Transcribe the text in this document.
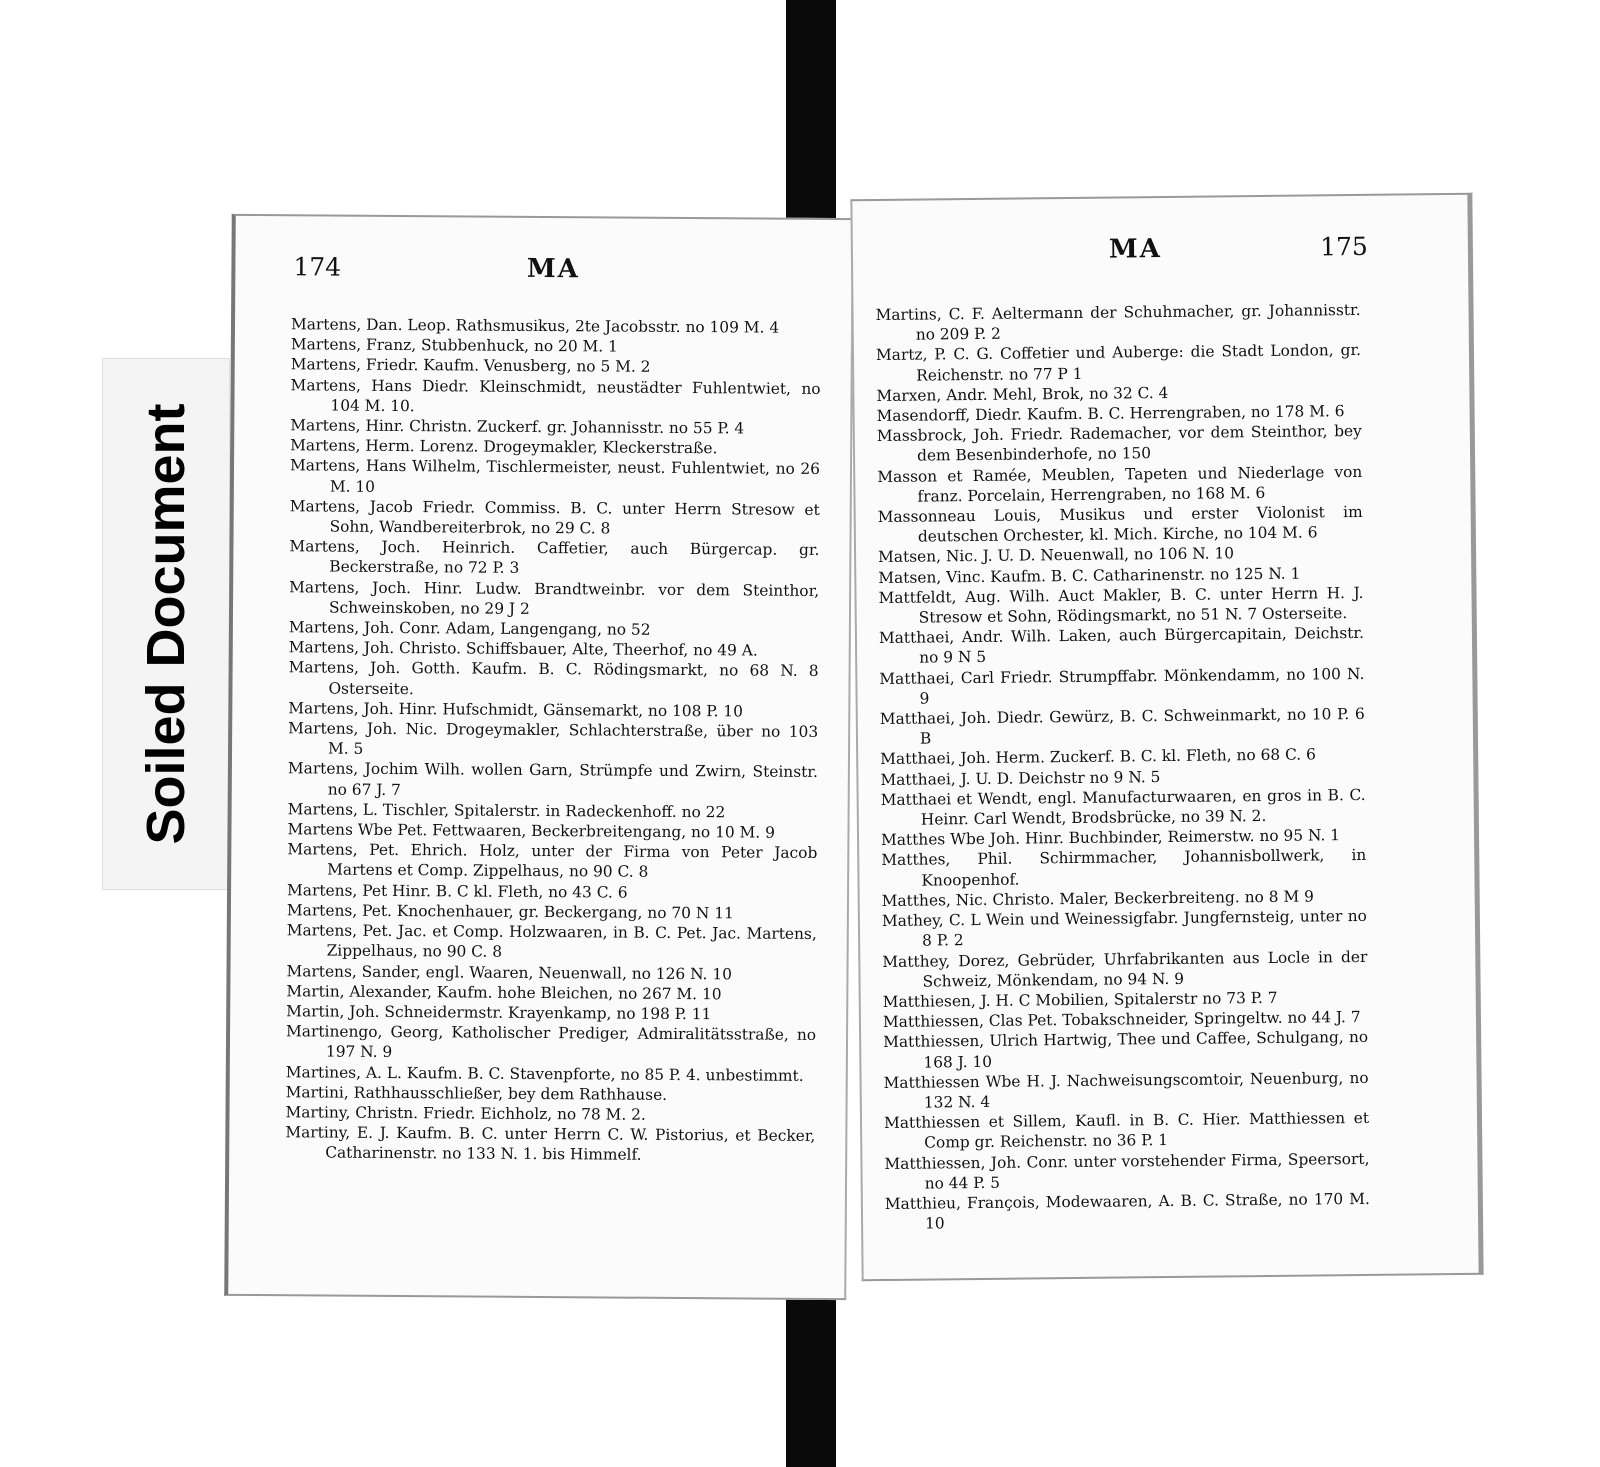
Soiled Document
174	MA
Martens, Dan. Leop. Rathsmusikus, 2te Jacobsstr. no 109 M. 4
Martens, Franz, Stubbenhuck, no 20 M. 1
Martens, Friedr. Kaufm. Venusberg, no 5 M. 2
Martens, Hans Diedr. Kleinschmidt, neustädter Fuhlentwiet, no 104 M. 10.
Martens, Hinr. Christn. Zuckerf. gr. Johannisstr. no 55 P. 4
Martens, Herm. Lorenz. Drogeymakler, Kleckerstraße.
Martens, Hans Wilhelm, Tischlermeister, neust. Fuhlentwiet, no 26 M. 10
Martens, Jacob Friedr. Commiss. B. C. unter Herrn Stresow et Sohn, Wandbereiterbrok, no 29 C. 8
Martens, Joch. Heinrich. Caffetier, auch Bürgercap. gr. Beckerstraße, no 72 P. 3
Martens, Joch. Hinr. Ludw. Brandtweinbr. vor dem Steinthor, Schweinskoben, no 29 J 2
Martens, Joh. Conr. Adam, Langengang, no 52
Martens, Joh. Christo. Schiffsbauer, Alte, Theerhof, no 49 A.
Martens, Joh. Gotth. Kaufm. B. C. Rödingsmarkt, no 68 N. 8 Osterseite.
Martens, Joh. Hinr. Hufschmidt, Gänsemarkt, no 108 P. 10
Martens, Joh. Nic. Drogeymakler, Schlachterstraße, über no 103 M. 5
Martens, Jochim Wilh. wollen Garn, Strümpfe und Zwirn, Steinstr. no 67 J. 7
Martens, L. Tischler, Spitalerstr. in Radeckenhoff. no 22
Martens Wbe Pet. Fettwaaren, Beckerbreitengang, no 10 M. 9
Martens, Pet. Ehrich. Holz, unter der Firma von Peter Jacob Martens et Comp. Zippelhaus, no 90 C. 8
Martens, Pet Hinr. B. C kl. Fleth, no 43 C. 6
Martens, Pet. Knochenhauer, gr. Beckergang, no 70 N 11
Martens, Pet. Jac. et Comp. Holzwaaren, in B. C. Pet. Jac. Martens, Zippelhaus, no 90 C. 8
Martens, Sander, engl. Waaren, Neuenwall, no 126 N. 10
Martin, Alexander, Kaufm. hohe Bleichen, no 267 M. 10
Martin, Joh. Schneidermstr. Krayenkamp, no 198 P. 11
Martinengo, Georg, Katholischer Prediger, Admiralitätsstraße, no 197 N. 9
Martines, A. L. Kaufm. B. C. Stavenpforte, no 85 P. 4. unbestimmt.
Martini, Rathhausschließer, bey dem Rathhause.
Martiny, Christn. Friedr. Eichholz, no 78 M. 2.
Martiny, E. J. Kaufm. B. C. unter Herrn C. W. Pistorius, et Becker, Catharinenstr. no 133 N. 1. bis Himmelf.
MA	175
Martins, C. F. Aeltermann der Schuhmacher, gr. Johannisstr. no 209 P. 2
Martz, P. C. G. Coffetier und Auberge: die Stadt London, gr. Reichenstr. no 77 P 1
Marxen, Andr. Mehl, Brok, no 32 C. 4
Masendorff, Diedr. Kaufm. B. C. Herrengraben, no 178 M. 6
Massbrock, Joh. Friedr. Rademacher, vor dem Steinthor, bey dem Besenbinderhofe, no 150
Masson et Ramée, Meublen, Tapeten und Niederlage von franz. Porcelain, Herrengraben, no 168 M. 6
Massonneau Louis, Musikus und erster Violonist im deutschen Orchester, kl. Mich. Kirche, no 104 M. 6
Matsen, Nic. J. U. D. Neuenwall, no 106 N. 10
Matsen, Vinc. Kaufm. B. C. Catharinenstr. no 125 N. 1
Mattfeldt, Aug. Wilh. Auct Makler, B. C. unter Herrn H. J. Stresow et Sohn, Rödingsmarkt, no 51 N. 7 Osterseite.
Matthaei, Andr. Wilh. Laken, auch Bürgercapitain, Deichstr. no 9 N 5
Matthaei, Carl Friedr. Strumpffabr. Mönkendamm, no 100 N. 9
Matthaei, Joh. Diedr. Gewürz, B. C. Schweinmarkt, no 10 P. 6 B
Matthaei, Joh. Herm. Zuckerf. B. C. kl. Fleth, no 68 C. 6
Matthaei, J. U. D. Deichstr no 9 N. 5
Matthaei et Wendt, engl. Manufacturwaaren, en gros in B. C. Heinr. Carl Wendt, Brodsbrücke, no 39 N. 2.
Matthes Wbe Joh. Hinr. Buchbinder, Reimerstw. no 95 N. 1
Matthes, Phil. Schirmmacher, Johannisbollwerk, in Knoopenhof.
Matthes, Nic. Christo. Maler, Beckerbreiteng. no 8 M 9
Mathey, C. L Wein und Weinessigfabr. Jungfernsteig, unter no 8 P. 2
Matthey, Dorez, Gebrüder, Uhrfabrikanten aus Locle in der Schweiz, Mönkendam, no 94 N. 9
Matthiesen, J. H. C Mobilien, Spitalerstr no 73 P. 7
Matthiessen, Clas Pet. Tobakschneider, Springeltw. no 44 J. 7
Matthiessen, Ulrich Hartwig, Thee und Caffee, Schulgang, no 168 J. 10
Matthiessen Wbe H. J. Nachweisungscomtoir, Neuenburg, no 132 N. 4
Matthiessen et Sillem, Kaufl. in B. C. Hier. Matthiessen et Comp gr. Reichenstr. no 36 P. 1
Matthiessen, Joh. Conr. unter vorstehender Firma, Speersort, no 44 P. 5
Matthieu, François, Modewaaren, A. B. C. Straße, no 170 M. 10
